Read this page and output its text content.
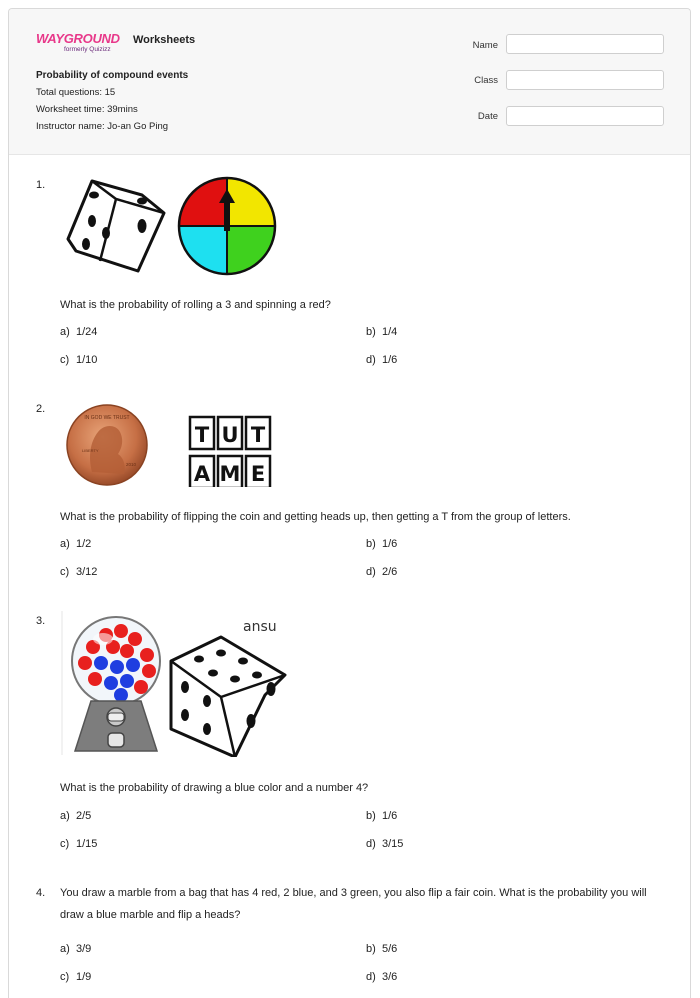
WAYGROUND
formerly Quizizz
Worksheets
Probability of compound events
Total questions: 15
Worksheet time: 39mins
Instructor name: Jo-an Go Ping
Name
Class
Date
1.
What is the probability of rolling a 3 and spinning a red?
a) 1/24	b) 1/4
c) 1/10	d) 1/6
2.
IN GOD WE TRUST
LIBERTY
2010
T U T
A M E
What is the probability of flipping the coin and getting heads up, then getting a T from the group of letters.
a) 1/2	b) 1/6
c) 3/12	d) 2/6
3.	ansu
What is the probability of drawing a blue color and a number 4?
a) 2/5	b) 1/6
c) 1/15	d) 3/15
4. You draw a marble from a bag that has 4 red, 2 blue, and 3 green, you also flip a fair coin. What is the probability you will draw a blue marble and flip a heads?
a) 3/9	b) 5/6
c) 1/9	d) 3/6
